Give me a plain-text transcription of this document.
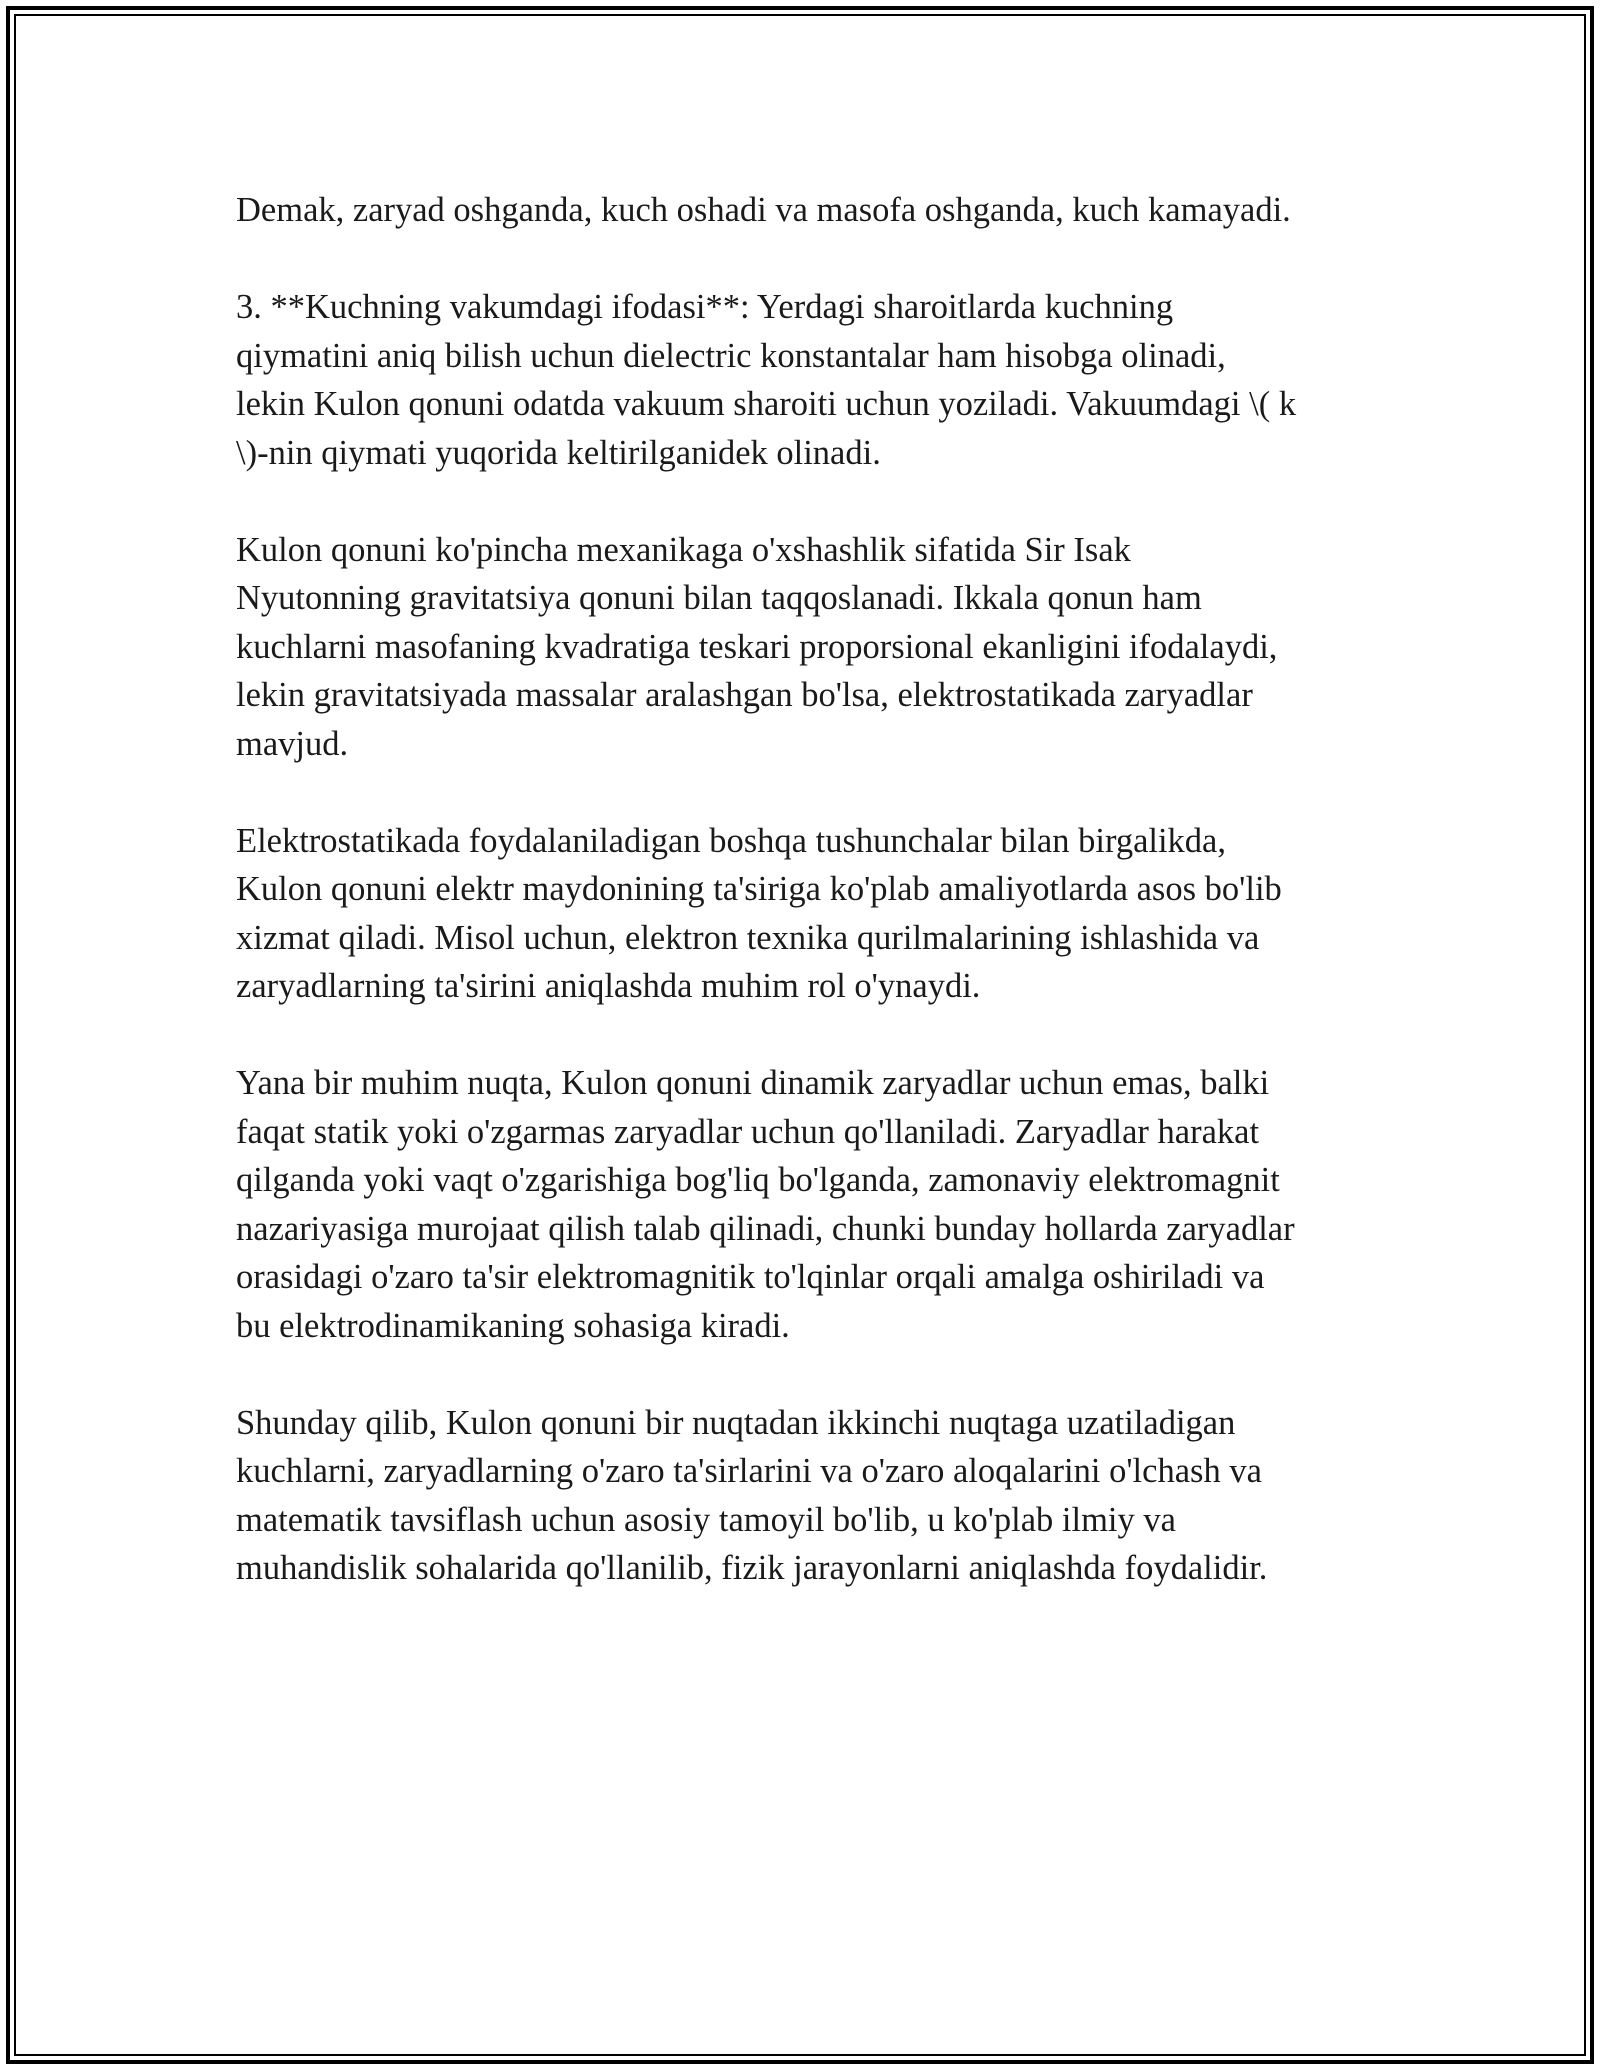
Demak, zaryad oshganda, kuch oshadi va masofa oshganda, kuch kamayadi.

3. **Kuchning vakumdagi ifodasi**: Yerdagi sharoitlarda kuchning
qiymatini aniq bilish uchun dielectric konstantalar ham hisobga olinadi,
lekin Kulon qonuni odatda vakuum sharoiti uchun yoziladi. Vakuumdagi \( k
\)-nin qiymati yuqorida keltirilganidek olinadi.

Kulon qonuni ko'pincha mexanikaga o'xshashlik sifatida Sir Isak
Nyutonning gravitatsiya qonuni bilan taqqoslanadi. Ikkala qonun ham
kuchlarni masofaning kvadratiga teskari proporsional ekanligini ifodalaydi,
lekin gravitatsiyada massalar aralashgan bo'lsa, elektrostatikada zaryadlar
mavjud.

Elektrostatikada foydalaniladigan boshqa tushunchalar bilan birgalikda,
Kulon qonuni elektr maydonining ta'siriga ko'plab amaliyotlarda asos bo'lib
xizmat qiladi. Misol uchun, elektron texnika qurilmalarining ishlashida va
zaryadlarning ta'sirini aniqlashda muhim rol o'ynaydi.

Yana bir muhim nuqta, Kulon qonuni dinamik zaryadlar uchun emas, balki
faqat statik yoki o'zgarmas zaryadlar uchun qo'llaniladi. Zaryadlar harakat
qilganda yoki vaqt o'zgarishiga bog'liq bo'lganda, zamonaviy elektromagnit
nazariyasiga murojaat qilish talab qilinadi, chunki bunday hollarda zaryadlar
orasidagi o'zaro ta'sir elektromagnitik to'lqinlar orqali amalga oshiriladi va
bu elektrodinamikaning sohasiga kiradi.

Shunday qilib, Kulon qonuni bir nuqtadan ikkinchi nuqtaga uzatiladigan
kuchlarni, zaryadlarning o'zaro ta'sirlarini va o'zaro aloqalarini o'lchash va
matematik tavsiflash uchun asosiy tamoyil bo'lib, u ko'plab ilmiy va
muhandislik sohalarida qo'llanilib, fizik jarayonlarni aniqlashda foydalidir.
